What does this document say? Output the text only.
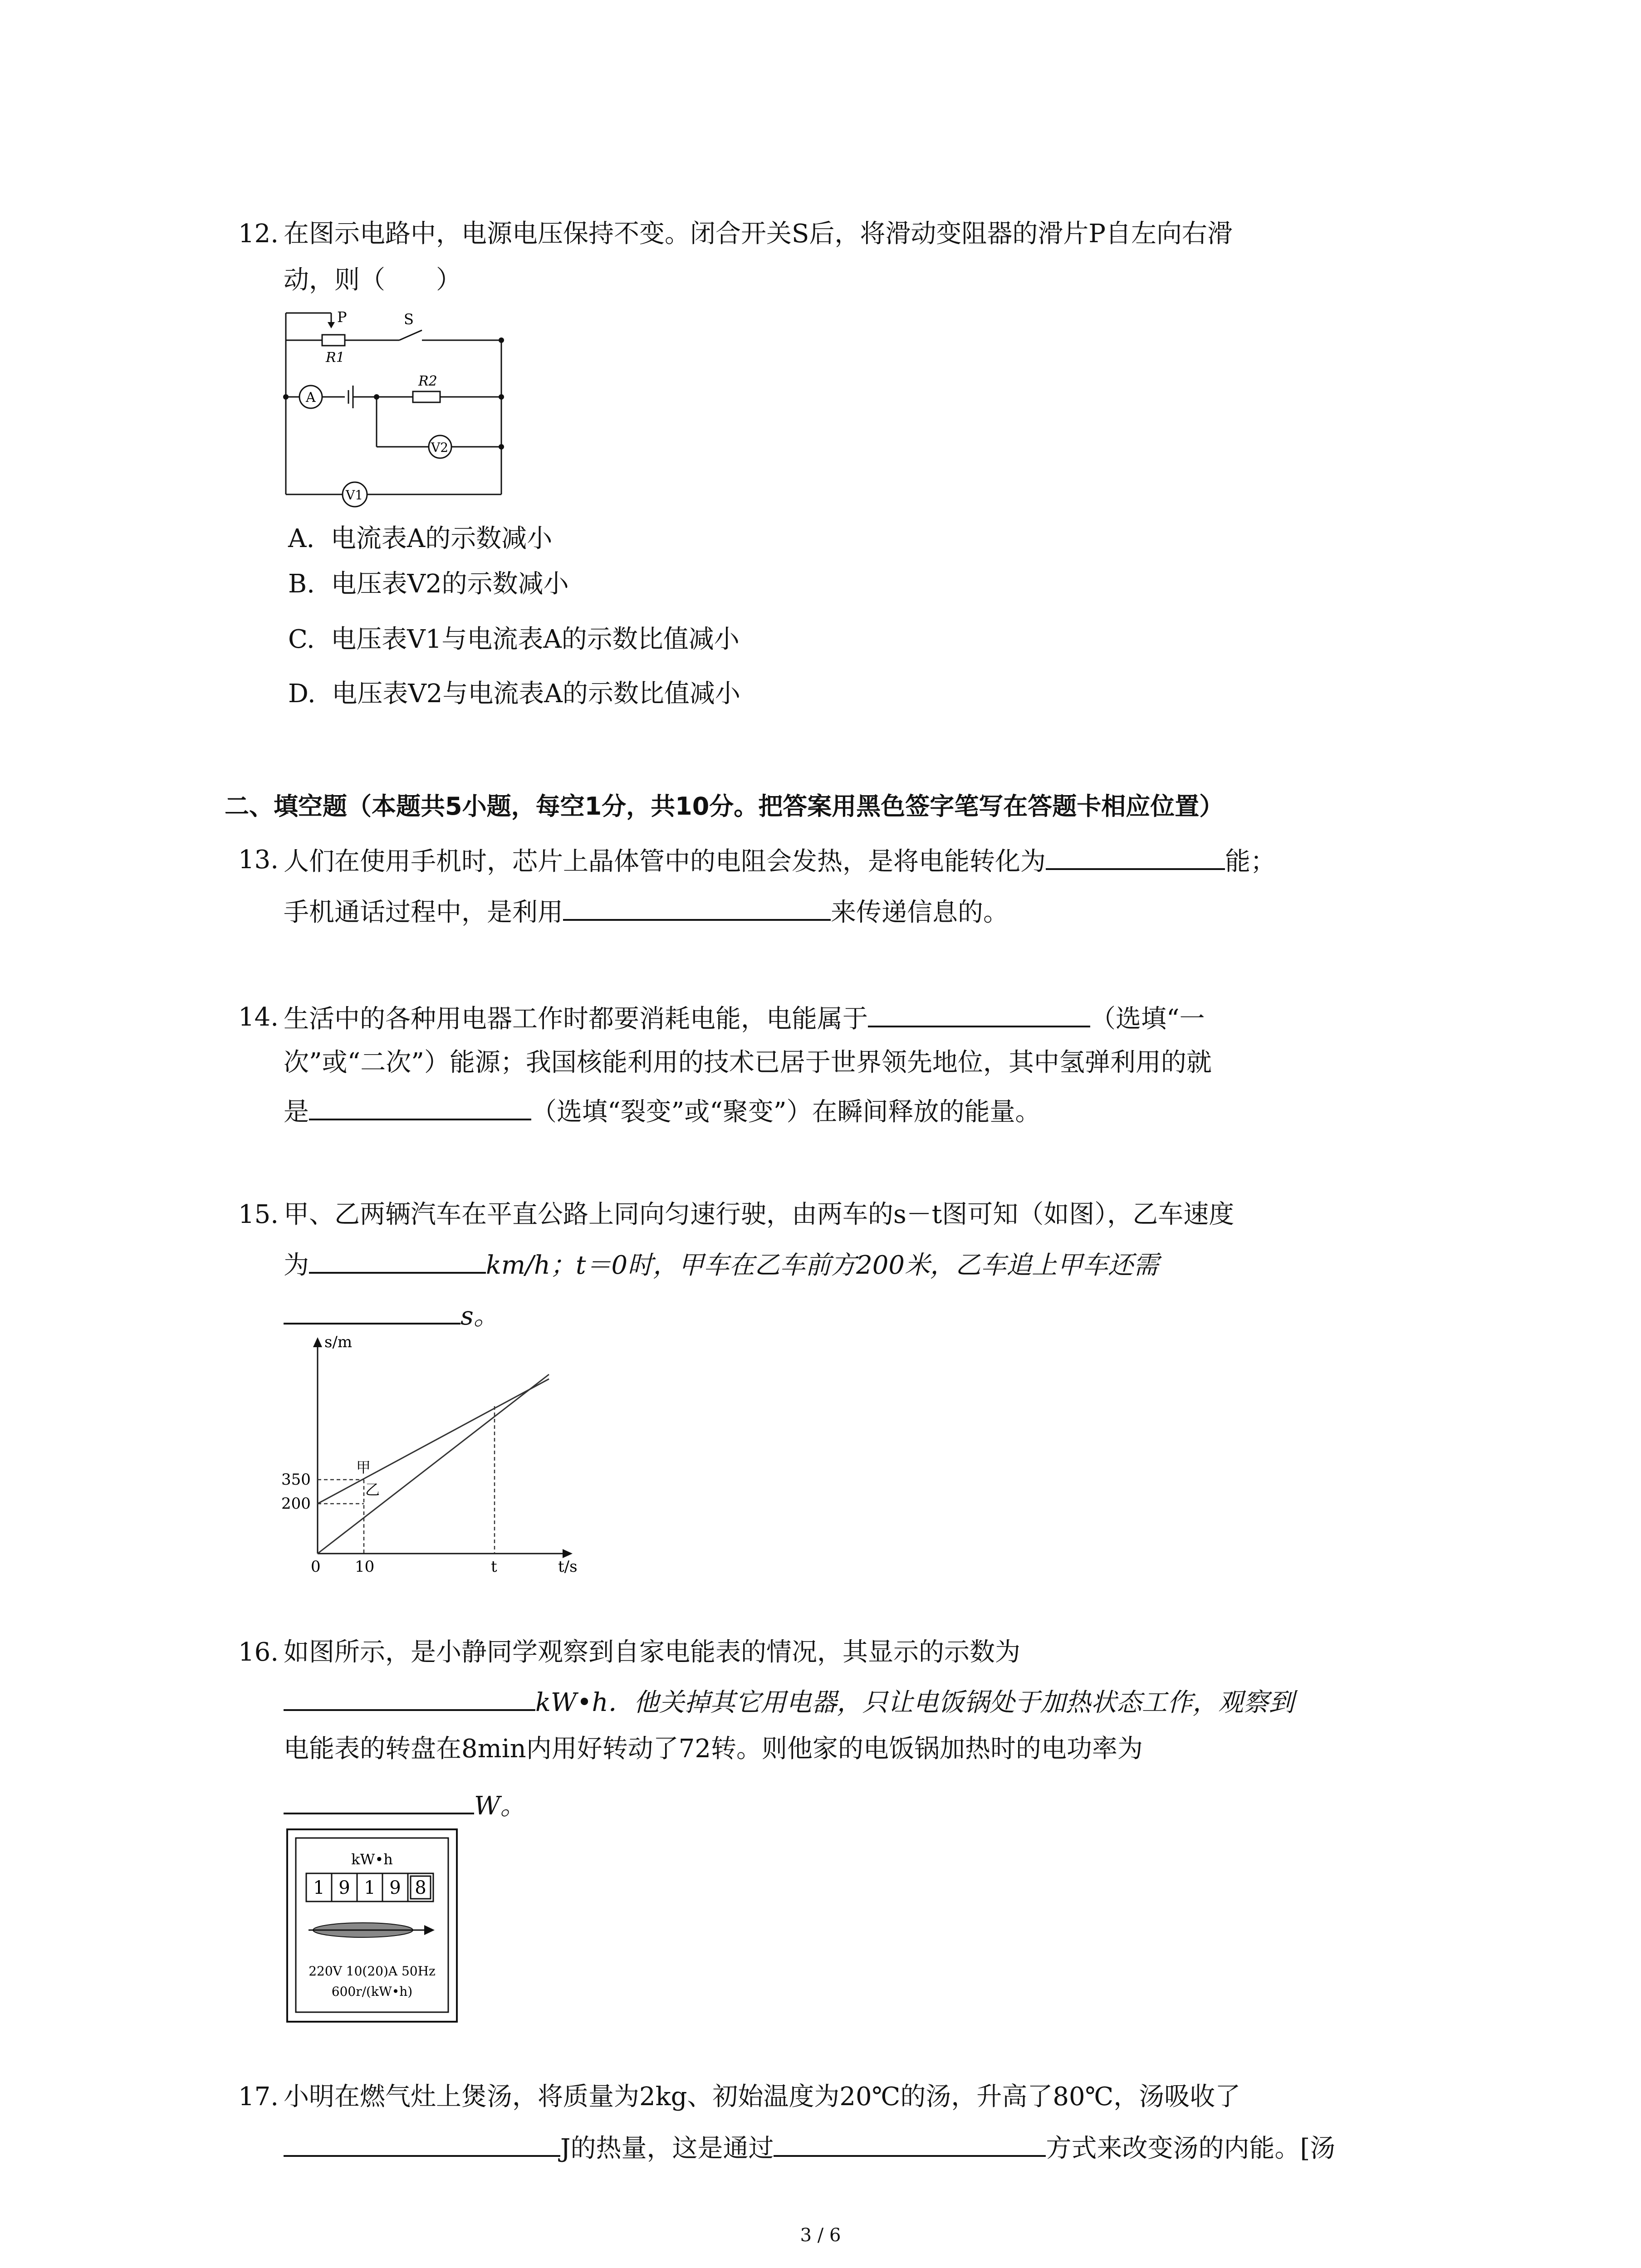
12. 在图示电路中，电源电压保持不变。闭合开关S后，将滑动变阻器的滑片P自左向右滑
动，则（　　）
P	S
R1
R2
A
V2
V1
A. 电流表A的示数减小
B. 电压表V2的示数减小
C. 电压表V1与电流表A的示数比值减小
D. 电压表V2与电流表A的示数比值减小
二、填空题（本题共5小题，每空1分，共10分。把答案用黑色签字笔写在答题卡相应位置）
13. 人们在使用手机时，芯片上晶体管中的电阻会发热，是将电能转化为	能；
手机通话过程中，是利用	来传递信息的。
14. 生活中的各种用电器工作时都要消耗电能，电能属于	（选填“一
次”或“二次”）能源；我国核能利用的技术已居于世界领先地位，其中氢弹利用的就
是	（选填“裂变”或“聚变”）在瞬间释放的能量。
15. 甲、乙两辆汽车在平直公路上同向匀速行驶，由两车的s－t图可知（如图），乙车速度
为	km/h；t＝0时，甲车在乙车前方200米，乙车追上甲车还需
s。
s/m
t/s
0 10	t
350
200
甲
乙
16. 如图所示，是小静同学观察到自家电能表的情况，其显示的示数为
kW•h．他关掉其它用电器，只让电饭锅处于加热状态工作，观察到
电能表的转盘在8min内用好转动了72转。则他家的电饭锅加热时的电功率为
W。
kW•h
1 9 1 9 8
220V 10(20)A 50Hz
600r/(kW•h)
17. 小明在燃气灶上煲汤，将质量为2kg、初始温度为20℃的汤，升高了80℃，汤吸收了
J的热量，这是通过	方式来改变汤的内能。[汤
3 / 6
